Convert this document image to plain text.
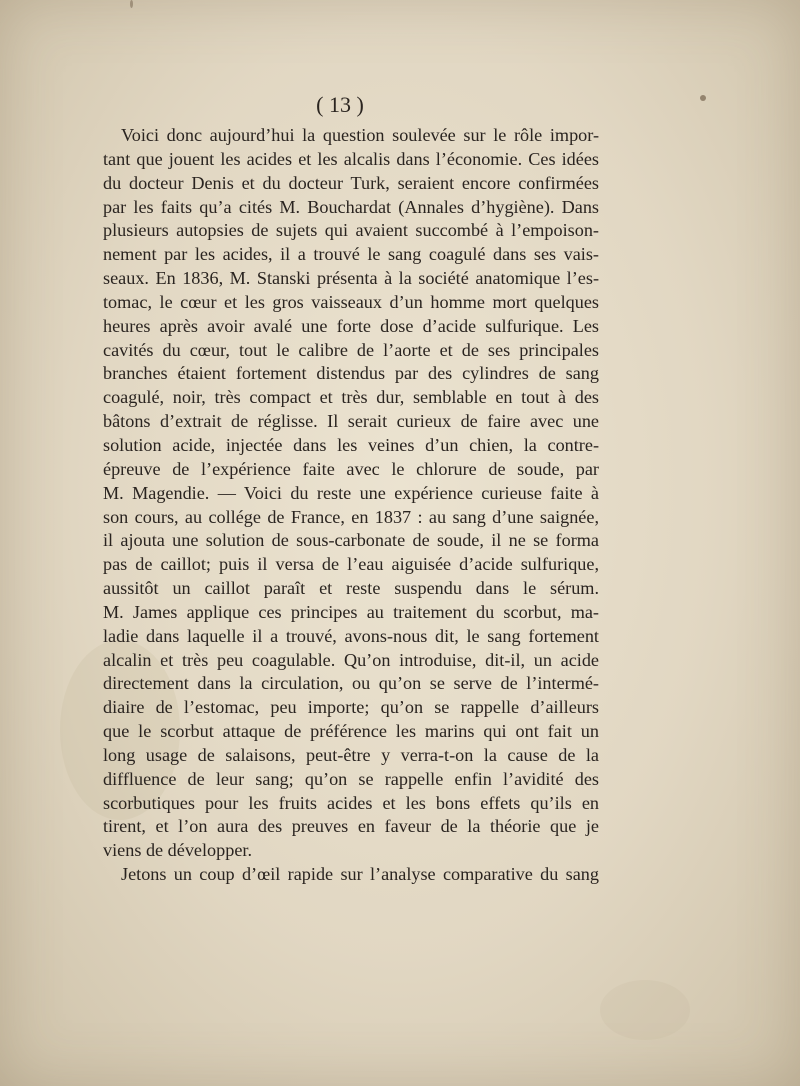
( 13 )
Voici donc aujourd’hui la question soulevée sur le rôle impor-
tant que jouent les acides et les alcalis dans l’économie. Ces idées
du docteur Denis et du docteur Turk, seraient encore confirmées
par les faits qu’a cités M. Bouchardat (Annales d’hygiène). Dans
plusieurs autopsies de sujets qui avaient succombé à l’empoison-
nement par les acides, il a trouvé le sang coagulé dans ses vais-
seaux. En 1836, M. Stanski présenta à la société anatomique l’es-
tomac, le cœur et les gros vaisseaux d’un homme mort quelques
heures après avoir avalé une forte dose d’acide sulfurique. Les
cavités du cœur, tout le calibre de l’aorte et de ses principales
branches étaient fortement distendus par des cylindres de sang
coagulé, noir, très compact et très dur, semblable en tout à des
bâtons d’extrait de réglisse. Il serait curieux de faire avec une
solution acide, injectée dans les veines d’un chien, la contre-
épreuve de l’expérience faite avec le chlorure de soude, par
M. Magendie. — Voici du reste une expérience curieuse faite à
son cours, au collége de France, en 1837 : au sang d’une saignée,
il ajouta une solution de sous-carbonate de soude, il ne se forma
pas de caillot; puis il versa de l’eau aiguisée d’acide sulfurique,
aussitôt un caillot paraît et reste suspendu dans le sérum.
M. James applique ces principes au traitement du scorbut, ma-
ladie dans laquelle il a trouvé, avons-nous dit, le sang fortement
alcalin et très peu coagulable. Qu’on introduise, dit-il, un acide
directement dans la circulation, ou qu’on se serve de l’intermé-
diaire de l’estomac, peu importe; qu’on se rappelle d’ailleurs
que le scorbut attaque de préférence les marins qui ont fait un
long usage de salaisons, peut-être y verra-t-on la cause de la
diffluence de leur sang; qu’on se rappelle enfin l’avidité des
scorbutiques pour les fruits acides et les bons effets qu’ils en
tirent, et l’on aura des preuves en faveur de la théorie que je
viens de développer.
Jetons un coup d’œil rapide sur l’analyse comparative du sang
